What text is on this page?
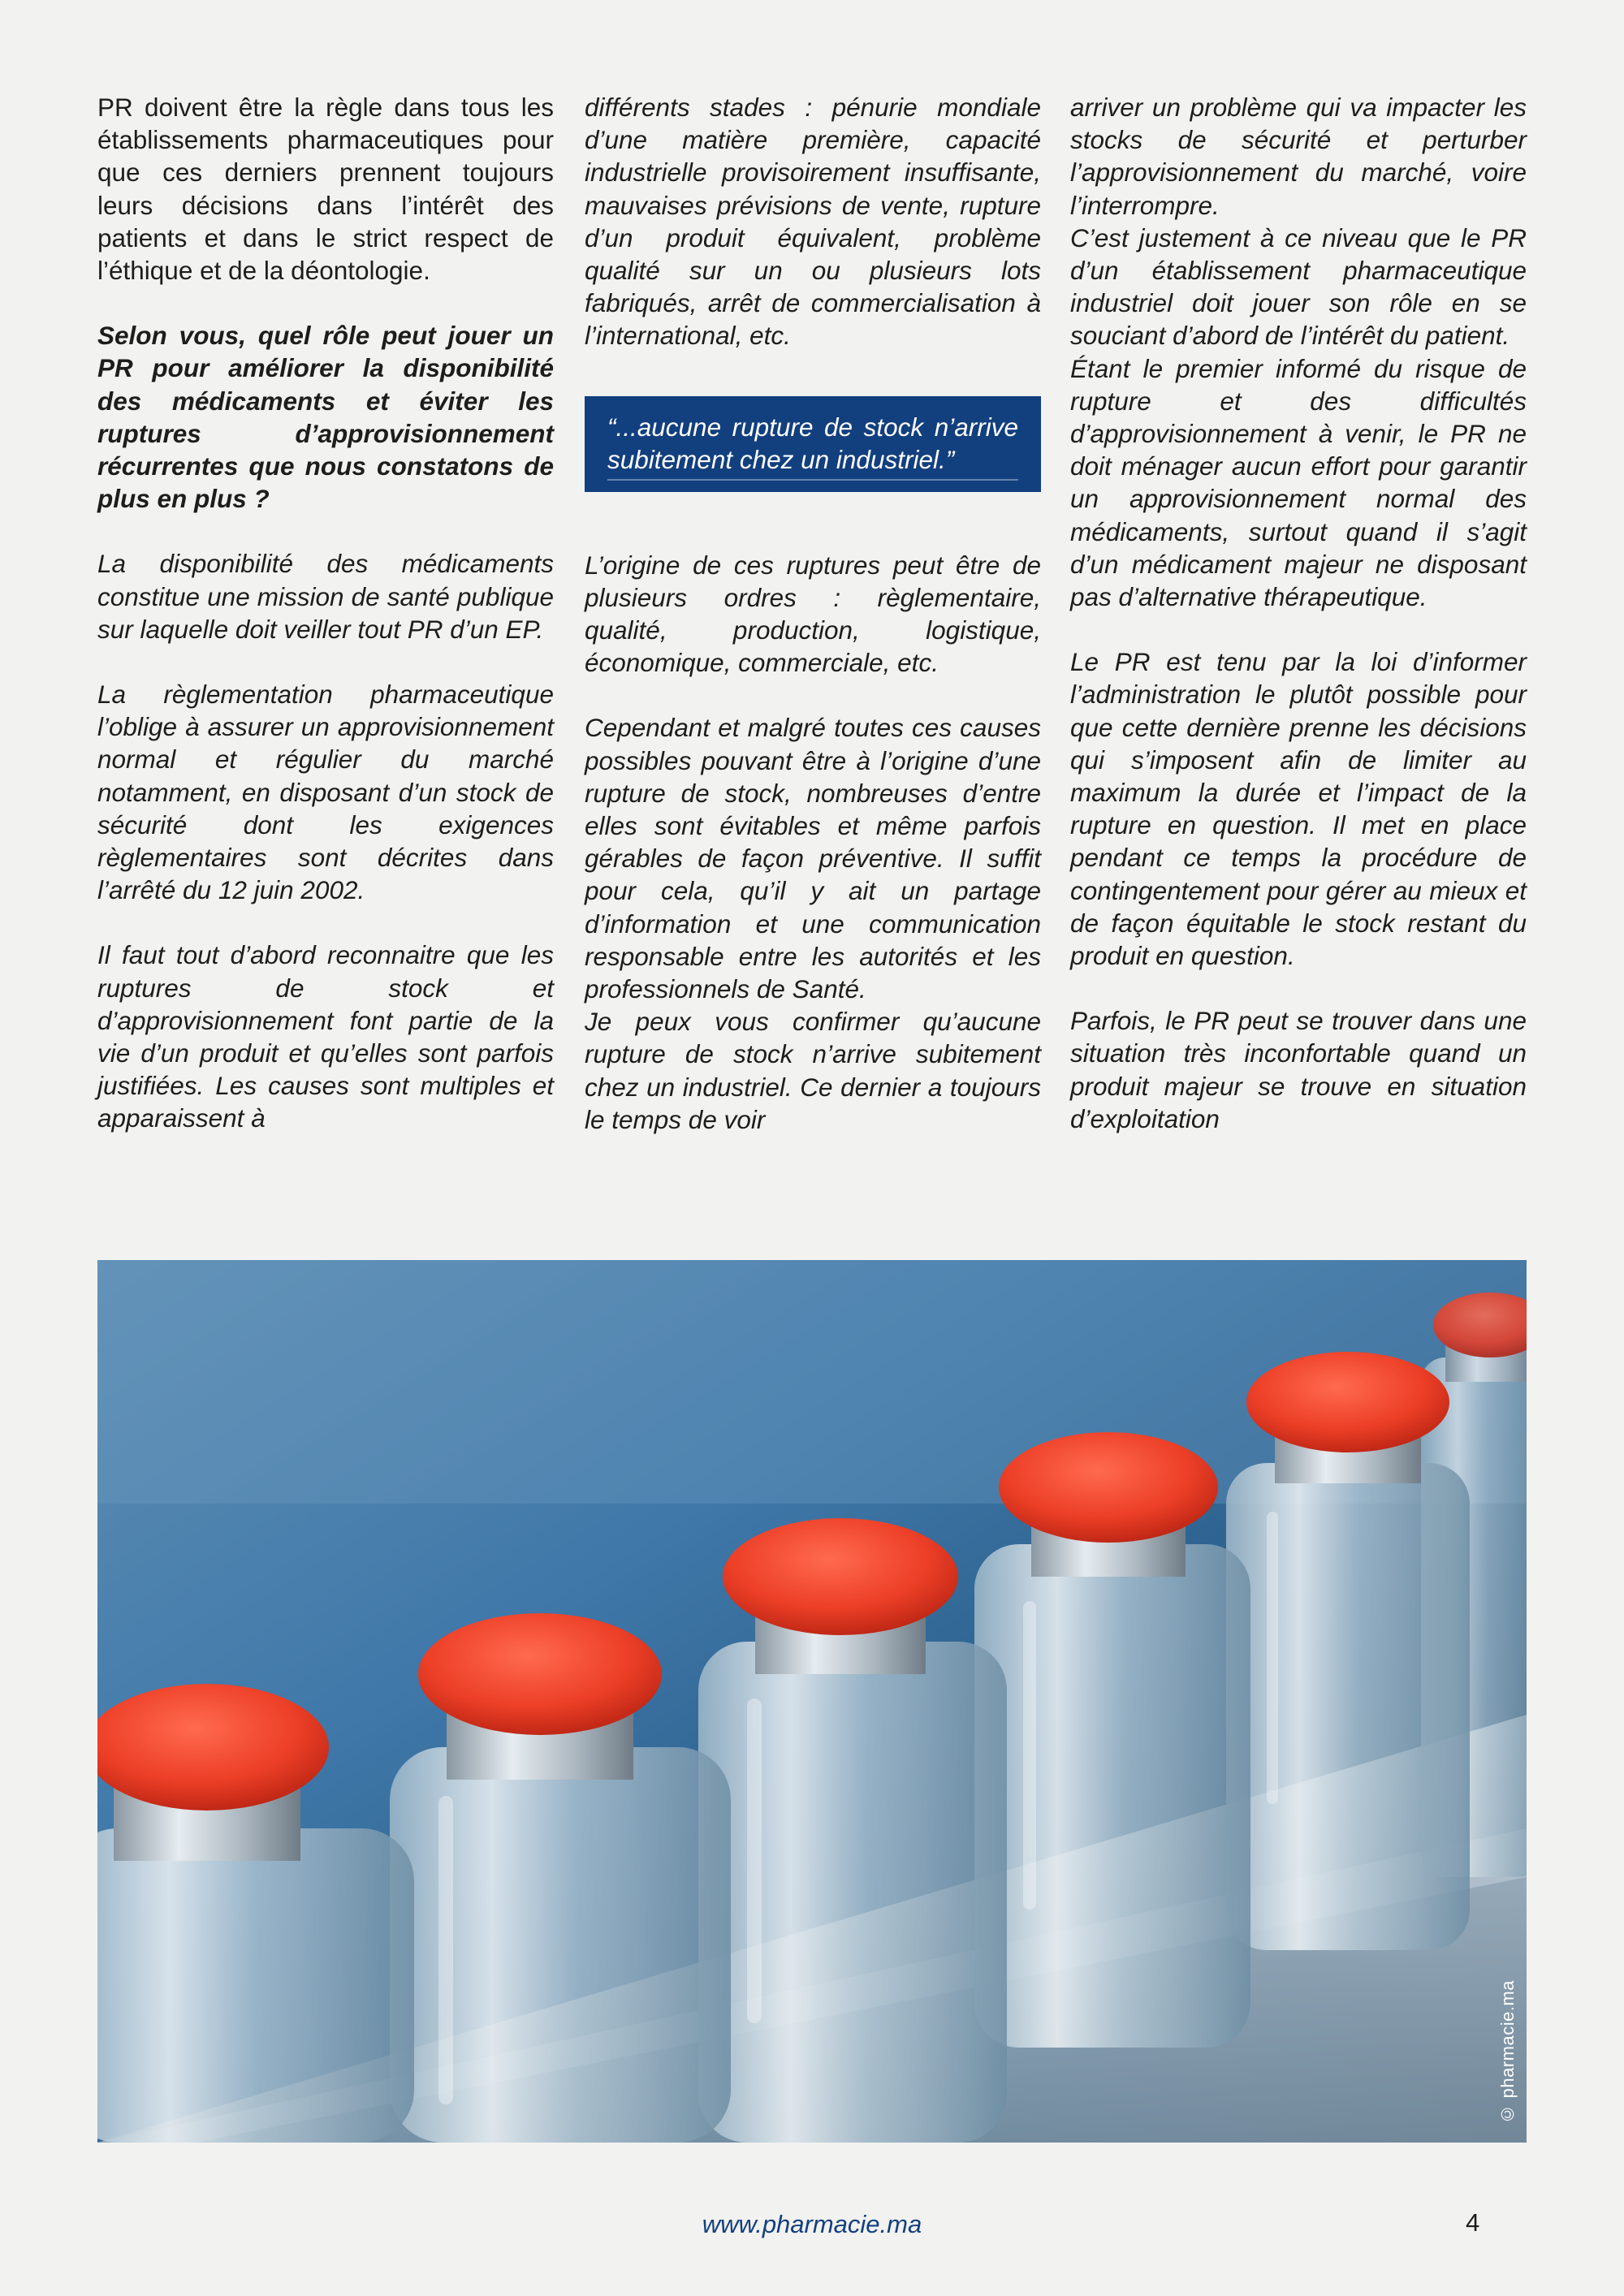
PR doivent être la règle dans tous les établissements pharmaceutiques pour que ces derniers prennent toujours leurs décisions dans l’intérêt des patients et dans le strict respect de l’éthique et de la déontologie.

Selon vous, quel rôle peut jouer un PR pour améliorer la disponibilité des médicaments et éviter les ruptures d’approvisionnement récurrentes que nous constatons de plus en plus ?

La disponibilité des médicaments constitue une mission de santé publique sur laquelle doit veiller tout PR d’un EP.

La règlementation pharmaceutique l’oblige à assurer un approvisionnement normal et régulier du marché notamment, en disposant d’un stock de sécurité dont les exigences règlementaires sont décrites dans l’arrêté du 12 juin 2002.

Il faut tout d’abord reconnaitre que les ruptures de stock et d’approvisionnement font partie de la vie d’un produit et qu’elles sont parfois justifiées. Les causes sont multiples et apparaissent à

différents stades : pénurie mondiale d’une matière première, capacité industrielle provisoirement insuffisante, mauvaises prévisions de vente, rupture d’un produit équivalent, problème qualité sur un ou plusieurs lots fabriqués, arrêt de commercialisation à l’international, etc.

“...aucune rupture de stock n’arrive subitement chez un industriel.”

L’origine de ces ruptures peut être de plusieurs ordres : règlementaire, qualité, production, logistique, économique, commerciale, etc.

Cependant et malgré toutes ces causes possibles pouvant être à l’origine d’une rupture de stock, nombreuses d’entre elles sont évitables et même parfois gérables de façon préventive. Il suffit pour cela, qu’il y ait un partage d’information et une communication responsable entre les autorités et les professionnels de Santé.

Je peux vous confirmer qu’aucune rupture de stock n’arrive subitement chez un industriel. Ce dernier a toujours le temps de voir

arriver un problème qui va impacter les stocks de sécurité et perturber l’approvisionnement du marché, voire l’interrompre.

C’est justement à ce niveau que le PR d’un établissement pharmaceutique industriel doit jouer son rôle en se souciant d’abord de l’intérêt du patient.

Étant le premier informé du risque de rupture et des difficultés d’approvisionnement à venir, le PR ne doit ménager aucun effort pour garantir un approvisionnement normal des médicaments, surtout quand il s’agit d’un médicament majeur ne disposant pas d’alternative thérapeutique.

Le PR est tenu par la loi d’informer l’administration le plutôt possible pour que cette dernière prenne les décisions qui s’imposent afin de limiter au maximum la durée et l’impact de la rupture en question. Il met en place pendant ce temps la procédure de contingentement pour gérer au mieux et de façon équitable le stock restant du produit en question.

Parfois, le PR peut se trouver dans une situation très inconfortable quand un produit majeur se trouve en situation d’exploitation

© pharmacie.ma
www.pharmacie.ma	4
